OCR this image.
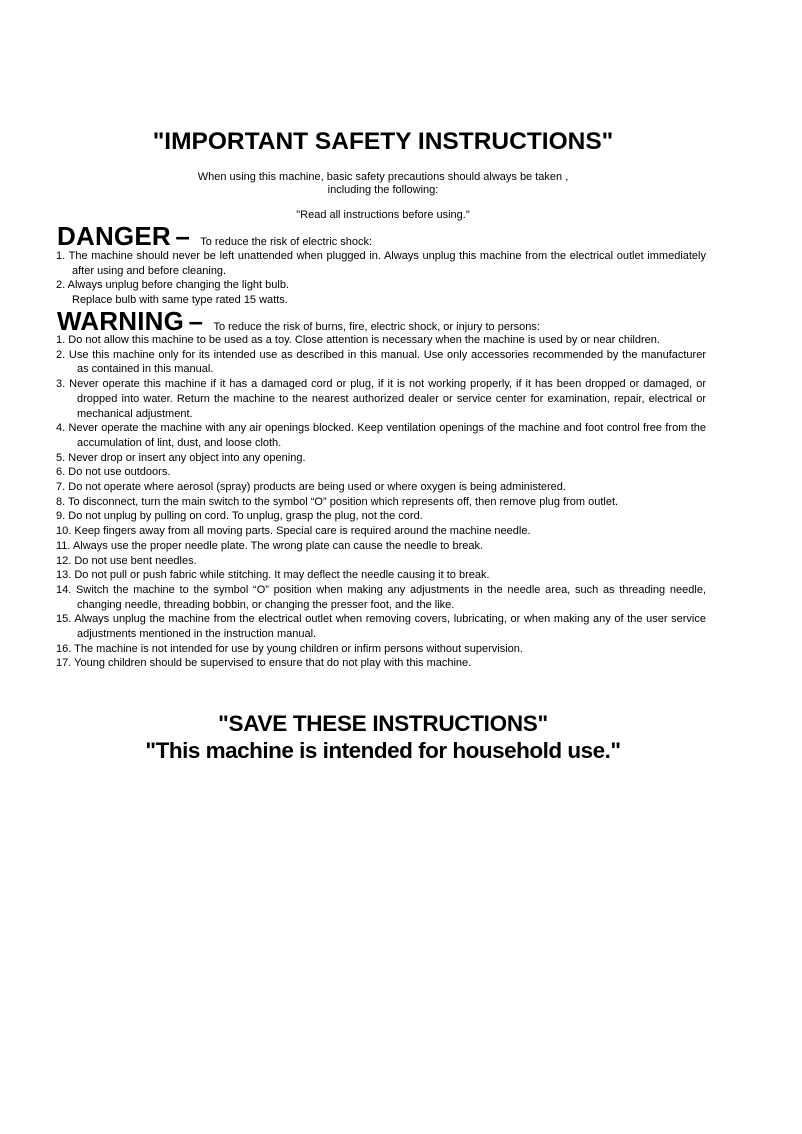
"IMPORTANT SAFETY INSTRUCTIONS"

When using this machine, basic safety precautions should always be taken ,

including the following:

"Read all instructions before using."
DANGER – To reduce the risk of electric shock:
1. The machine should never be left unattended when plugged in. Always unplug this machine from the electrical outlet immediately after using and before cleaning.
2. Always unplug before changing the light bulb.
Replace bulb with same type rated 15 watts.
WARNING – To reduce the risk of burns, fire, electric shock, or injury to persons:
1. Do not allow this machine to be used as a toy. Close attention is necessary when the machine is used by or near children.
2. Use this machine only for its intended use as described in this manual. Use only accessories recommended by the manufacturer as contained in this manual.
3. Never operate this machine if it has a damaged cord or plug, if it is not working properly, if it has been dropped or damaged, or dropped into water. Return the machine to the nearest authorized dealer or service center for examination, repair, electrical or mechanical adjustment.
4. Never operate the machine with any air openings blocked. Keep ventilation openings of the machine and foot control free from the accumulation of lint, dust, and loose cloth.
5. Never drop or insert any object into any opening.
6. Do not use outdoors.
7. Do not operate where aerosol (spray) products are being used or where oxygen is being administered.
8. To disconnect, turn the main switch to the symbol “O” position which represents off, then remove plug from outlet.
9. Do not unplug by pulling on cord. To unplug, grasp the plug, not the cord.
10. Keep fingers away from all moving parts. Special care is required around the machine needle.
11. Always use the proper needle plate. The wrong plate can cause the needle to break.
12. Do not use bent needles.
13. Do not pull or push fabric while stitching. It may deflect the needle causing it to break.
14. Switch the machine to the symbol “O” position when making any adjustments in the needle area, such as threading needle, changing needle, threading bobbin, or changing the presser foot, and the like.
15. Always unplug the machine from the electrical outlet when removing covers, lubricating, or when making any of the user service adjustments mentioned in the instruction manual.
16. The machine is not intended for use by young children or infirm persons without supervision.
17. Young children should be supervised to ensure that do not play with this machine.
"SAVE THESE INSTRUCTIONS"
"This machine is intended for household use."
